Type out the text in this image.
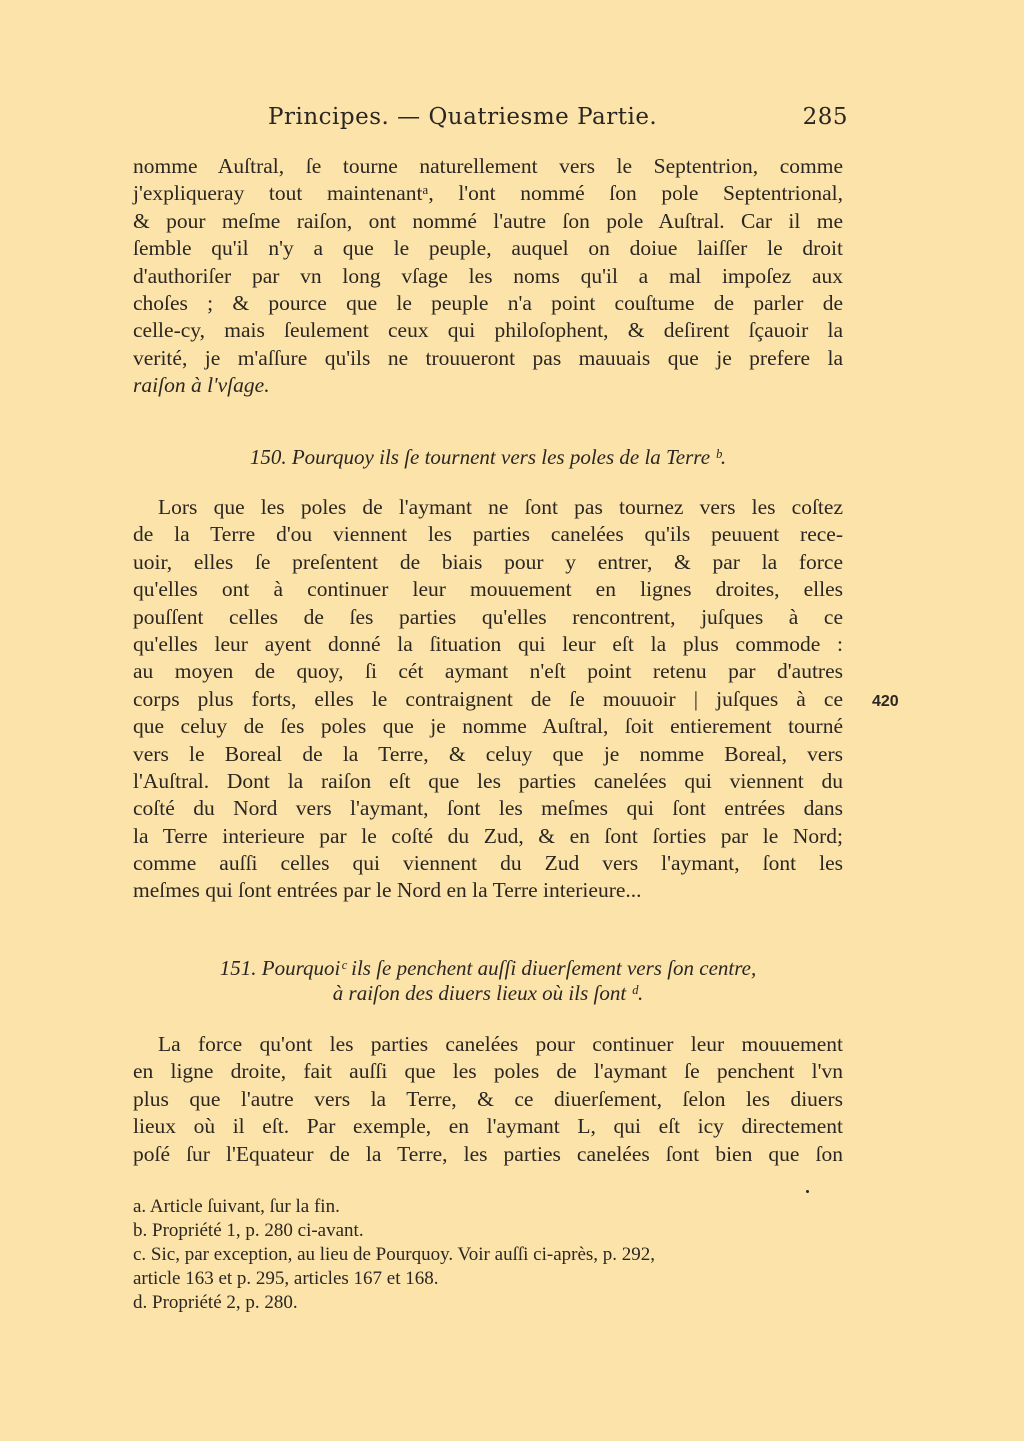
Principes. — Quatriesme Partie.	285
nomme Auſtral, ſe tourne naturellement vers le Septentrion, comme
j'expliqueray tout maintenantᵃ, l'ont nommé ſon pole Septentrional,
& pour meſme raiſon, ont nommé l'autre ſon pole Auſtral. Car il me
ſemble qu'il n'y a que le peuple, auquel on doiue laiſſer le droit
d'authoriſer par vn long vſage les noms qu'il a mal impoſez aux
choſes ; & pource que le peuple n'a point couſtume de parler de
celle-cy, mais ſeulement ceux qui philoſophent, & deſirent ſçauoir la
verité, je m'aſſure qu'ils ne trouueront pas mauuais que je prefere la
raiſon à l'vſage.
150. Pourquoy ils ſe tournent vers les poles de la Terre ᵇ.
Lors que les poles de l'aymant ne ſont pas tournez vers les coſtez
de la Terre d'ou viennent les parties canelées qu'ils peuuent rece-
uoir, elles ſe preſentent de biais pour y entrer, & par la force
qu'elles ont à continuer leur mouuement en lignes droites, elles
pouſſent celles de ſes parties qu'elles rencontrent, juſques à ce
qu'elles leur ayent donné la ſituation qui leur eſt la plus commode :
au moyen de quoy, ſi cét aymant n'eſt point retenu par d'autres
corps plus forts, elles le contraignent de ſe mouuoir | juſques à ce
que celuy de ſes poles que je nomme Auſtral, ſoit entierement tourné
vers le Boreal de la Terre, & celuy que je nomme Boreal, vers
l'Auſtral. Dont la raiſon eſt que les parties canelées qui viennent du
coſté du Nord vers l'aymant, ſont les meſmes qui ſont entrées dans
la Terre interieure par le coſté du Zud, & en ſont ſorties par le Nord;
comme auſſi celles qui viennent du Zud vers l'aymant, ſont les
meſmes qui ſont entrées par le Nord en la Terre interieure...
420
151. Pourquoiᶜ ils ſe penchent auſſi diuerſement vers ſon centre,
à raiſon des diuers lieux où ils ſont ᵈ.
La force qu'ont les parties canelées pour continuer leur mouuement
en ligne droite, fait auſſi que les poles de l'aymant ſe penchent l'vn
plus que l'autre vers la Terre, & ce diuerſement, ſelon les diuers
lieux où il eſt. Par exemple, en l'aymant L, qui eſt icy directement
poſé ſur l'Equateur de la Terre, les parties canelées ſont bien que ſon
a. Article ſuivant, ſur la fin.
b. Propriété 1, p. 280 ci-avant.
c. Sic, par exception, au lieu de Pourquoy. Voir auſſi ci-après, p. 292,
article 163 et p. 295, articles 167 et 168.
d. Propriété 2, p. 280.
